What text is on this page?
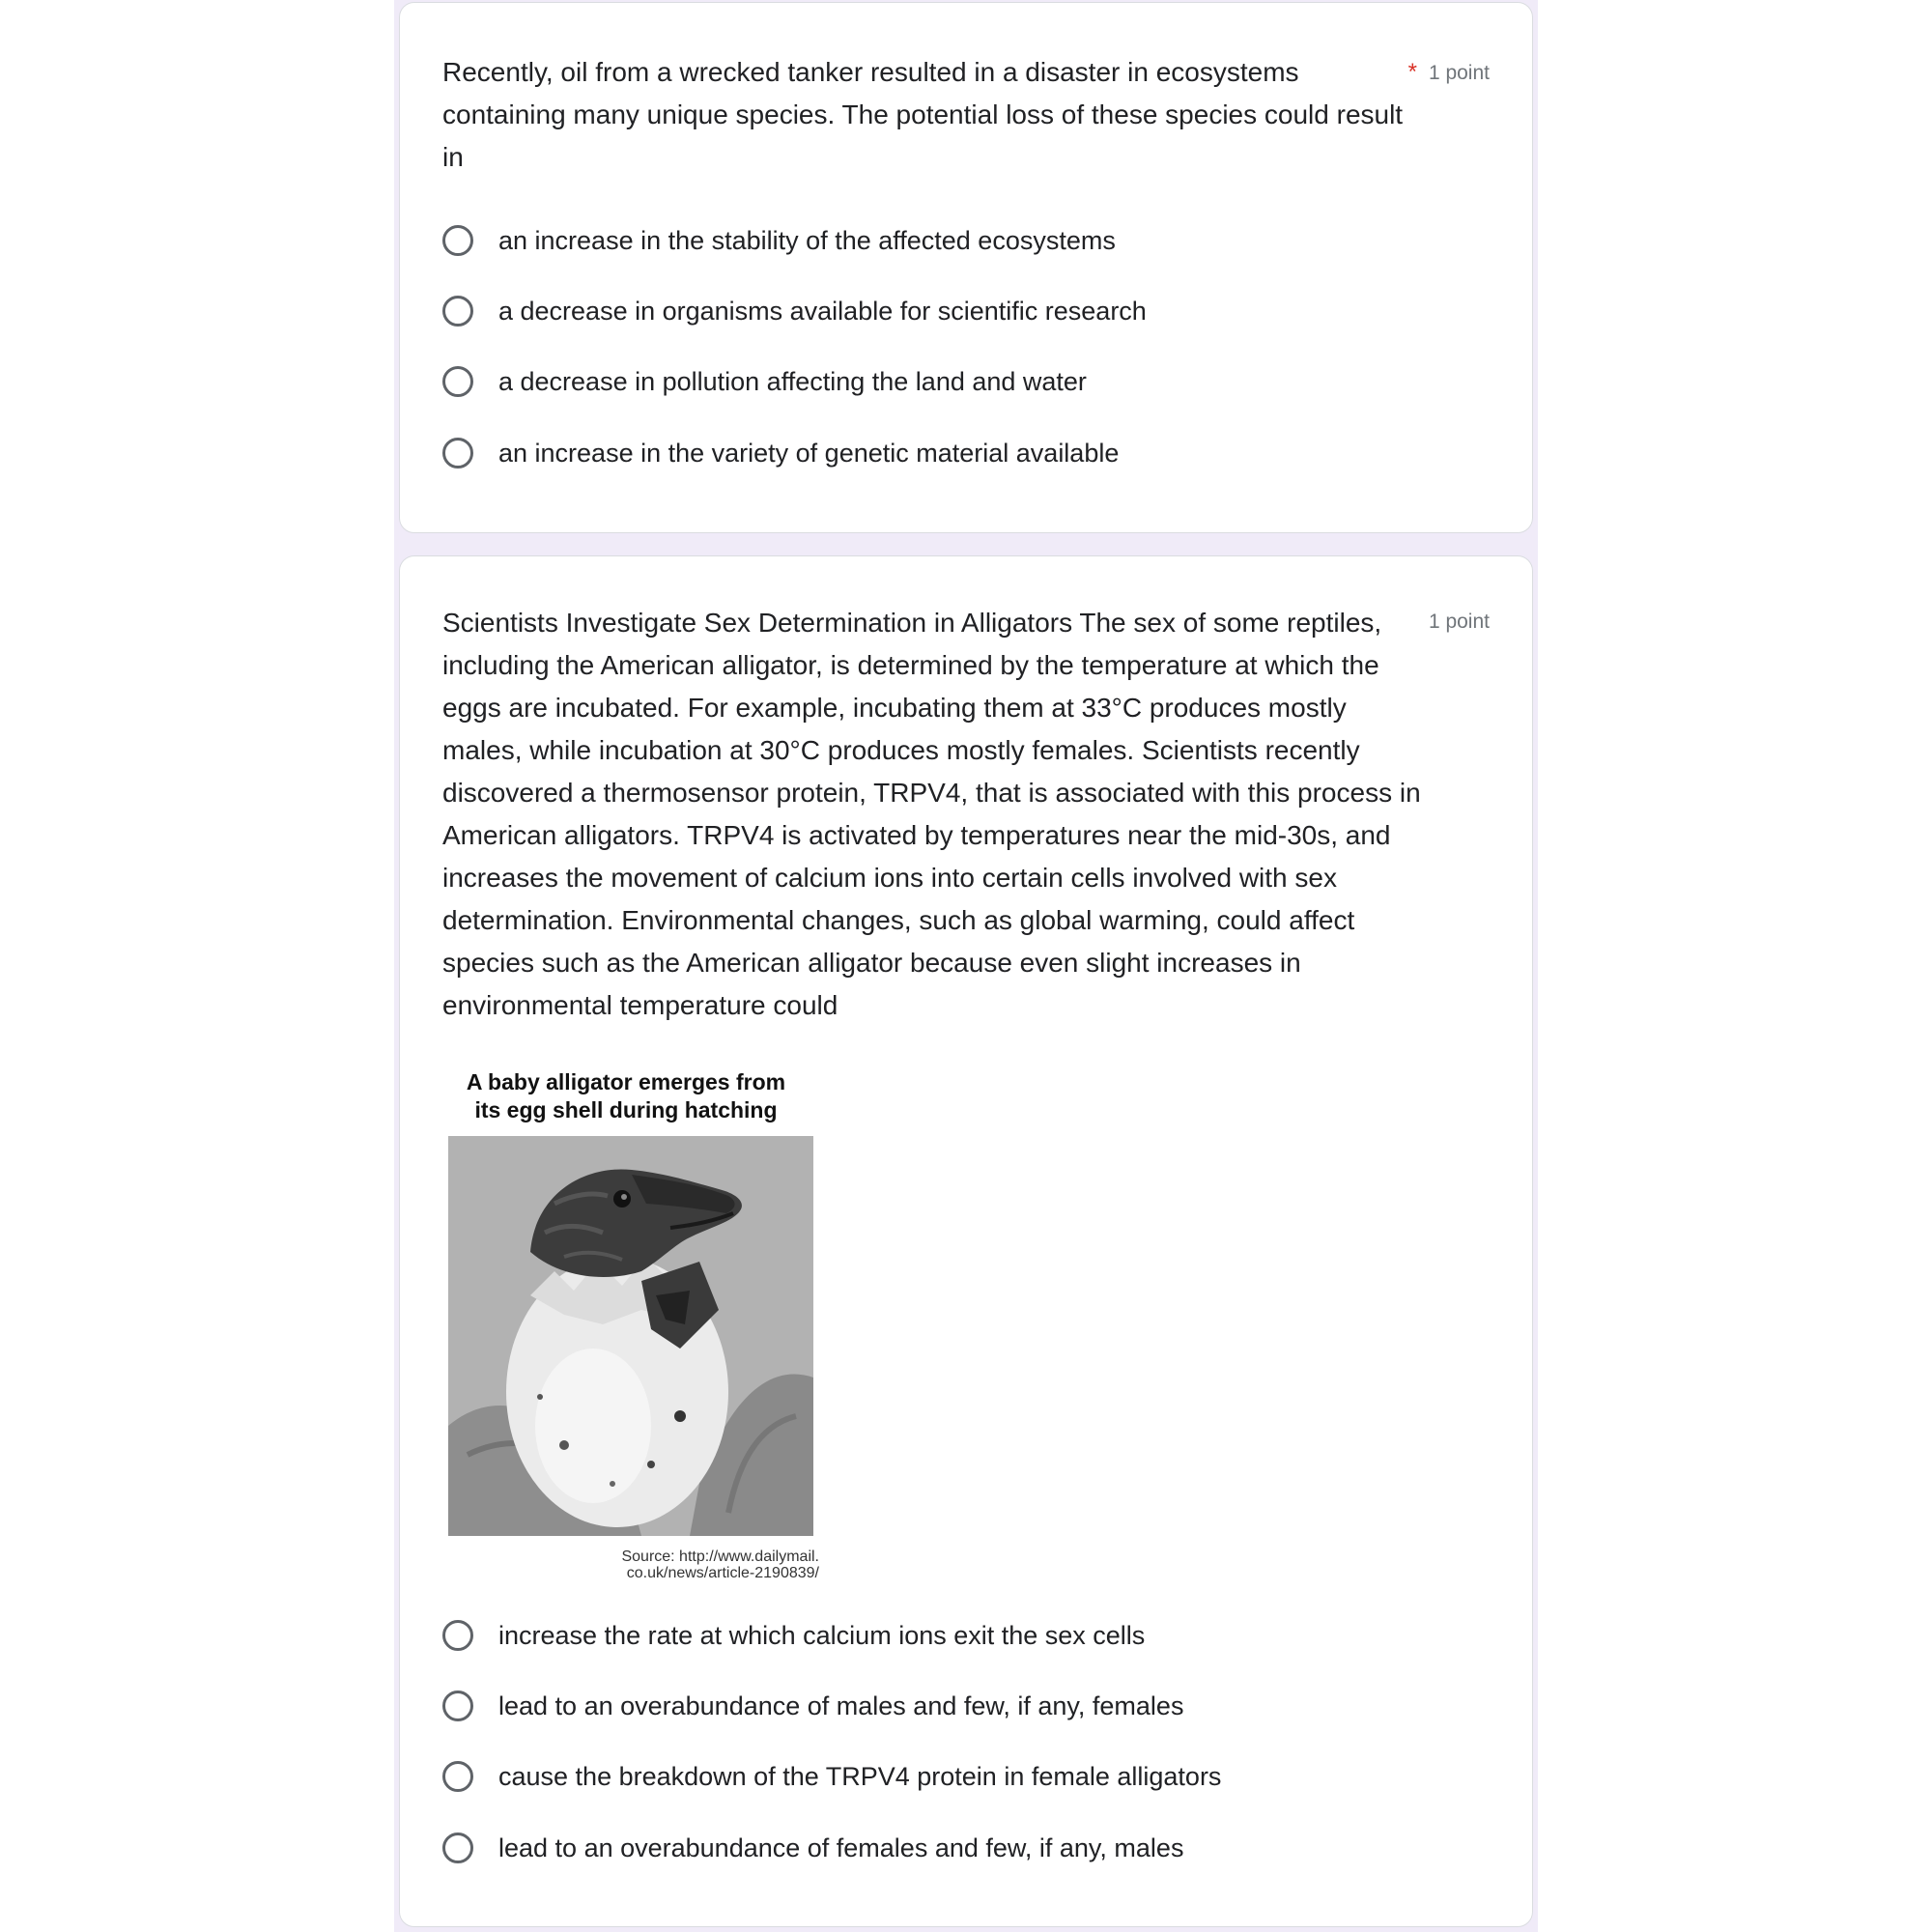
Recently, oil from a wrecked tanker resulted in a disaster in ecosystems containing many unique species. The potential loss of these species could result in

* 1 point
an increase in the stability of the affected ecosystems
a decrease in organisms available for scientific research
a decrease in pollution affecting the land and water
an increase in the variety of genetic material available

Scientists Investigate Sex Determination in Alligators The sex of some reptiles, including the American alligator, is determined by the temperature at which the eggs are incubated. For example, incubating them at 33°C produces mostly males, while incubation at 30°C produces mostly females. Scientists recently discovered a thermosensor protein, TRPV4, that is associated with this process in American alligators. TRPV4 is activated by temperatures near the mid-30s, and increases the movement of calcium ions into certain cells involved with sex determination. Environmental changes, such as global warming, could affect species such as the American alligator because even slight increases in environmental temperature could

1 point
A baby alligator emerges from
its egg shell during hatching
Source: http://www.dailymail.
co.uk/news/article-2190839/
increase the rate at which calcium ions exit the sex cells
lead to an overabundance of males and few, if any, females
cause the breakdown of the TRPV4 protein in female alligators
lead to an overabundance of females and few, if any, males
